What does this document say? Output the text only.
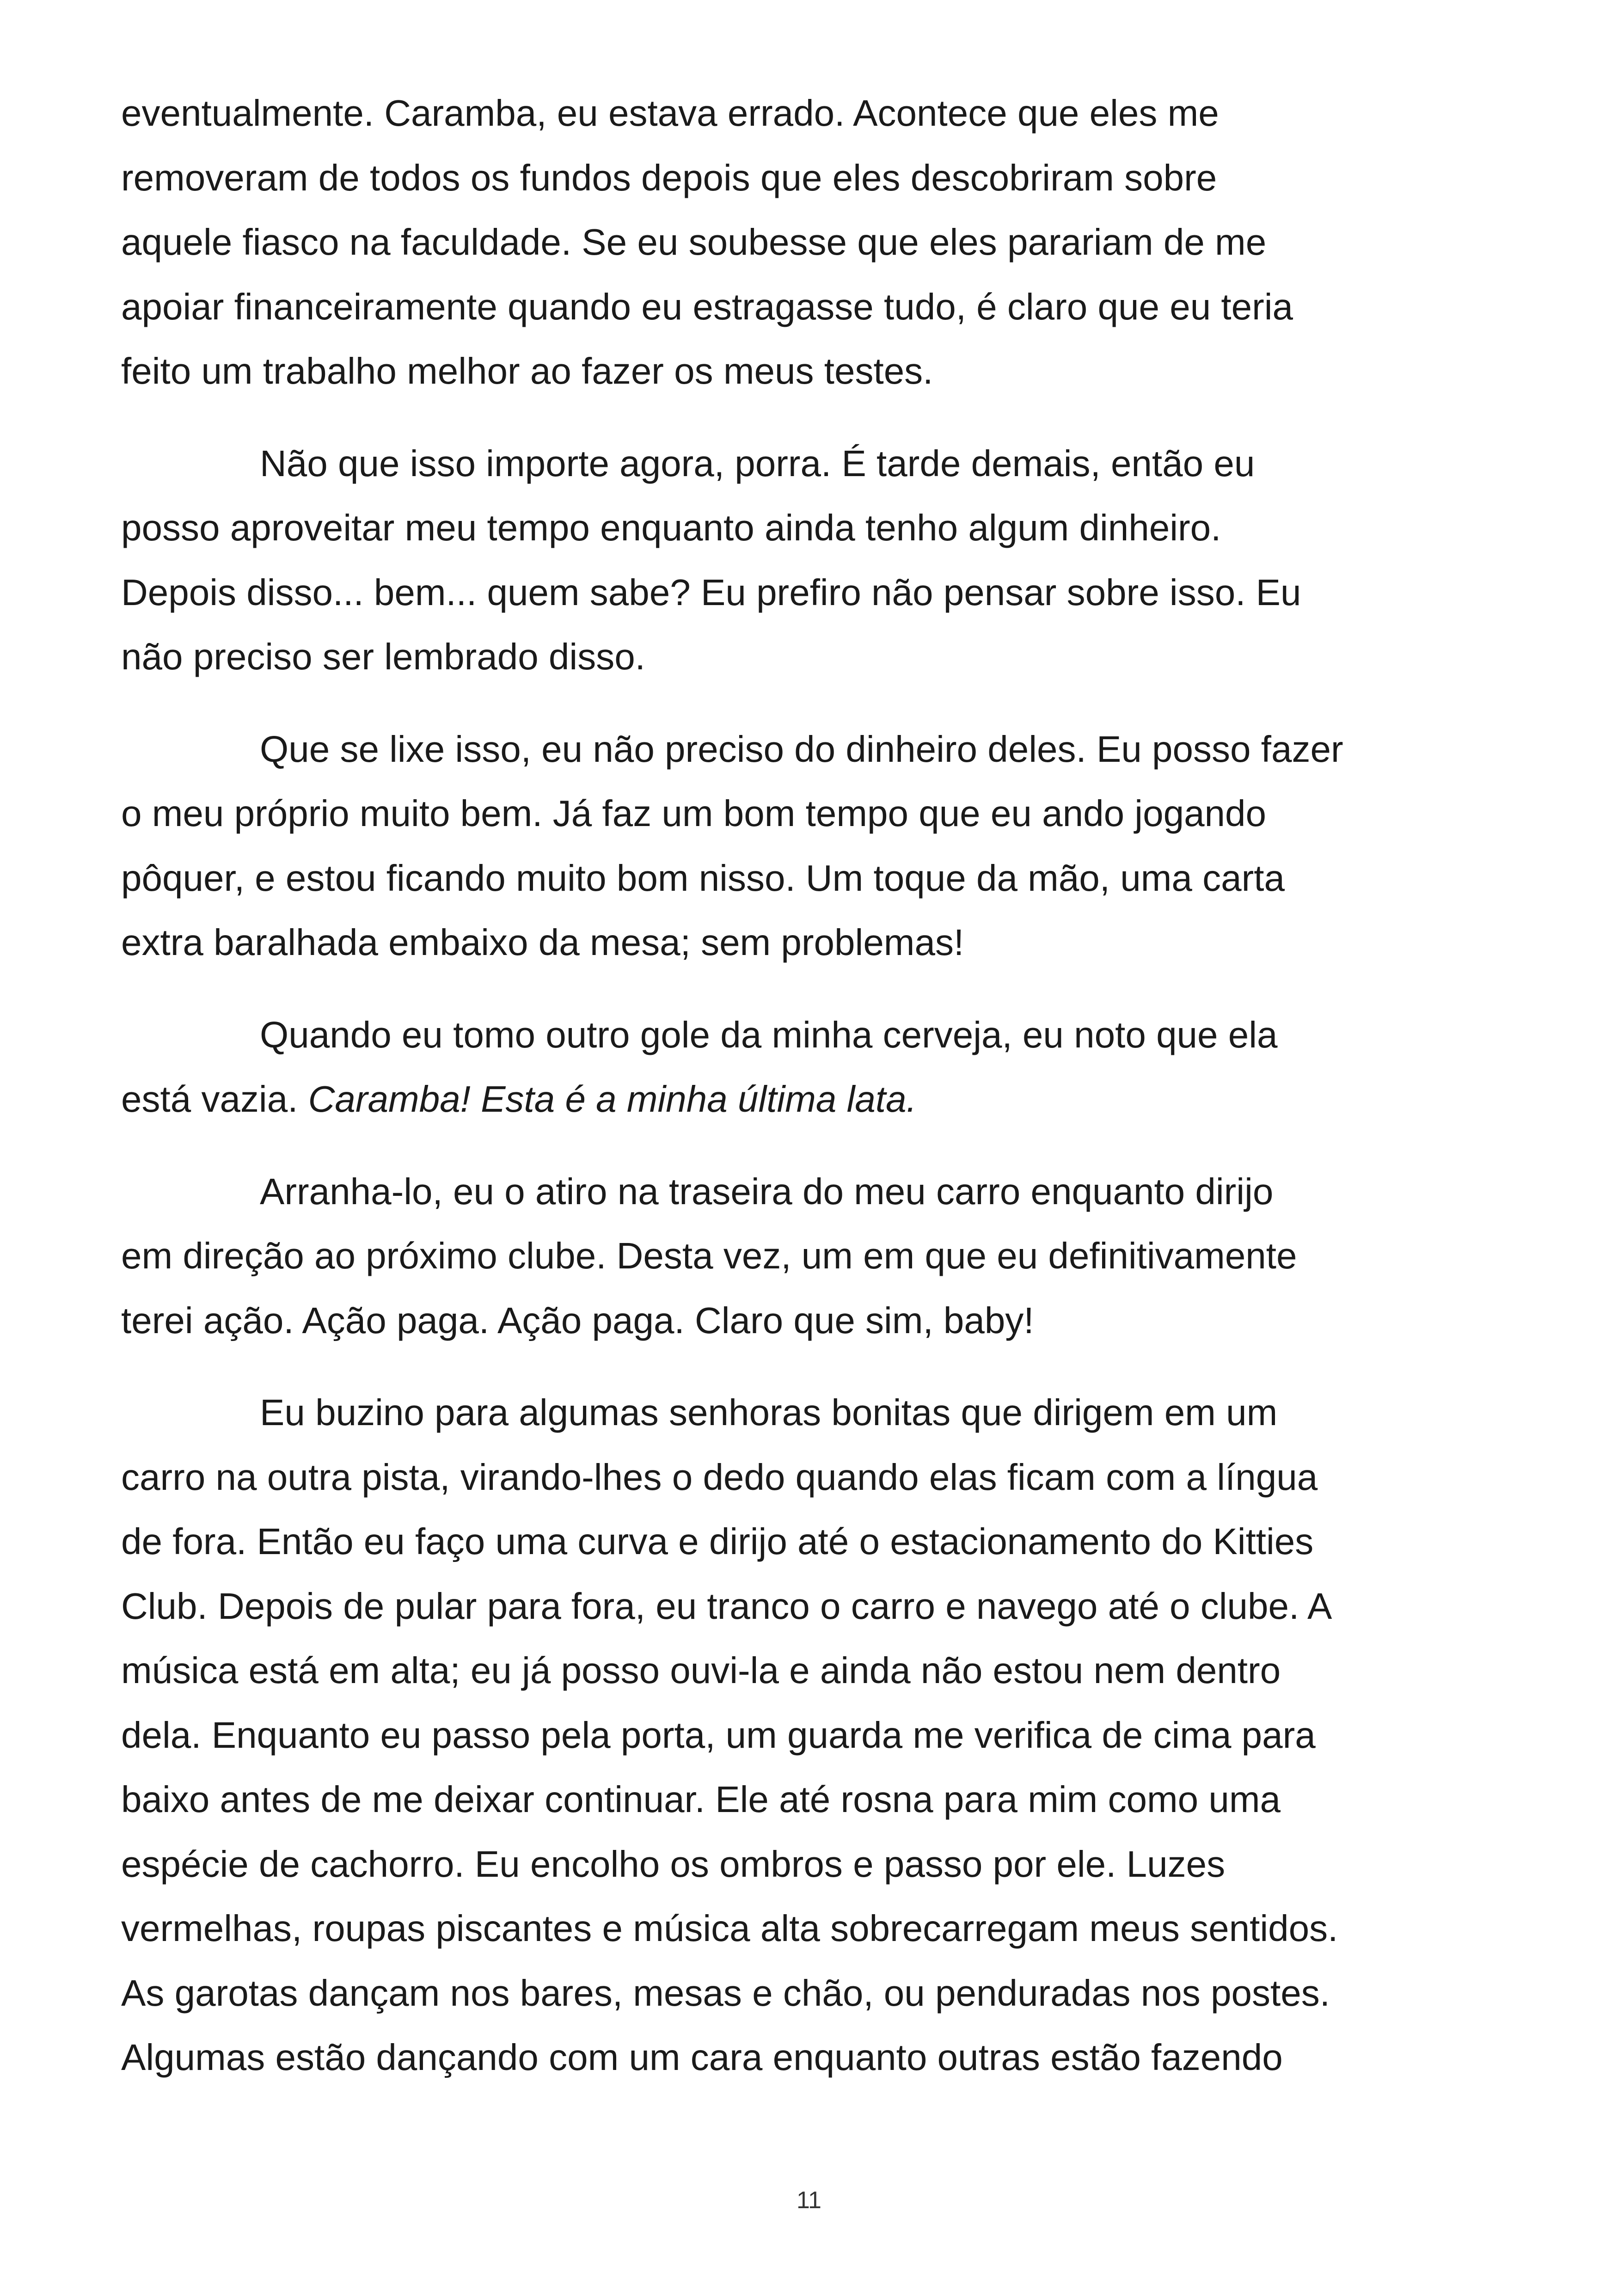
eventualmente. Caramba, eu estava errado. Acontece que eles me
removeram de todos os fundos depois que eles descobriram sobre
aquele fiasco na faculdade. Se eu soubesse que eles parariam de me
apoiar financeiramente quando eu estragasse tudo, é claro que eu teria
feito um trabalho melhor ao fazer os meus testes.

Não que isso importe agora, porra. É tarde demais, então eu
posso aproveitar meu tempo enquanto ainda tenho algum dinheiro.
Depois disso... bem... quem sabe? Eu prefiro não pensar sobre isso. Eu
não preciso ser lembrado disso.

Que se lixe isso, eu não preciso do dinheiro deles. Eu posso fazer
o meu próprio muito bem. Já faz um bom tempo que eu ando jogando
pôquer, e estou ficando muito bom nisso. Um toque da mão, uma carta
extra baralhada embaixo da mesa; sem problemas!

Quando eu tomo outro gole da minha cerveja, eu noto que ela
está vazia. Caramba! Esta é a minha última lata.

Arranha-lo, eu o atiro na traseira do meu carro enquanto dirijo
em direção ao próximo clube. Desta vez, um em que eu definitivamente
terei ação. Ação paga. Ação paga. Claro que sim, baby!

Eu buzino para algumas senhoras bonitas que dirigem em um
carro na outra pista, virando-lhes o dedo quando elas ficam com a língua
de fora. Então eu faço uma curva e dirijo até o estacionamento do Kitties
Club. Depois de pular para fora, eu tranco o carro e navego até o clube. A
música está em alta; eu já posso ouvi-la e ainda não estou nem dentro
dela. Enquanto eu passo pela porta, um guarda me verifica de cima para
baixo antes de me deixar continuar. Ele até rosna para mim como uma
espécie de cachorro. Eu encolho os ombros e passo por ele. Luzes
vermelhas, roupas piscantes e música alta sobrecarregam meus sentidos.
As garotas dançam nos bares, mesas e chão, ou penduradas nos postes.
Algumas estão dançando com um cara enquanto outras estão fazendo

11
